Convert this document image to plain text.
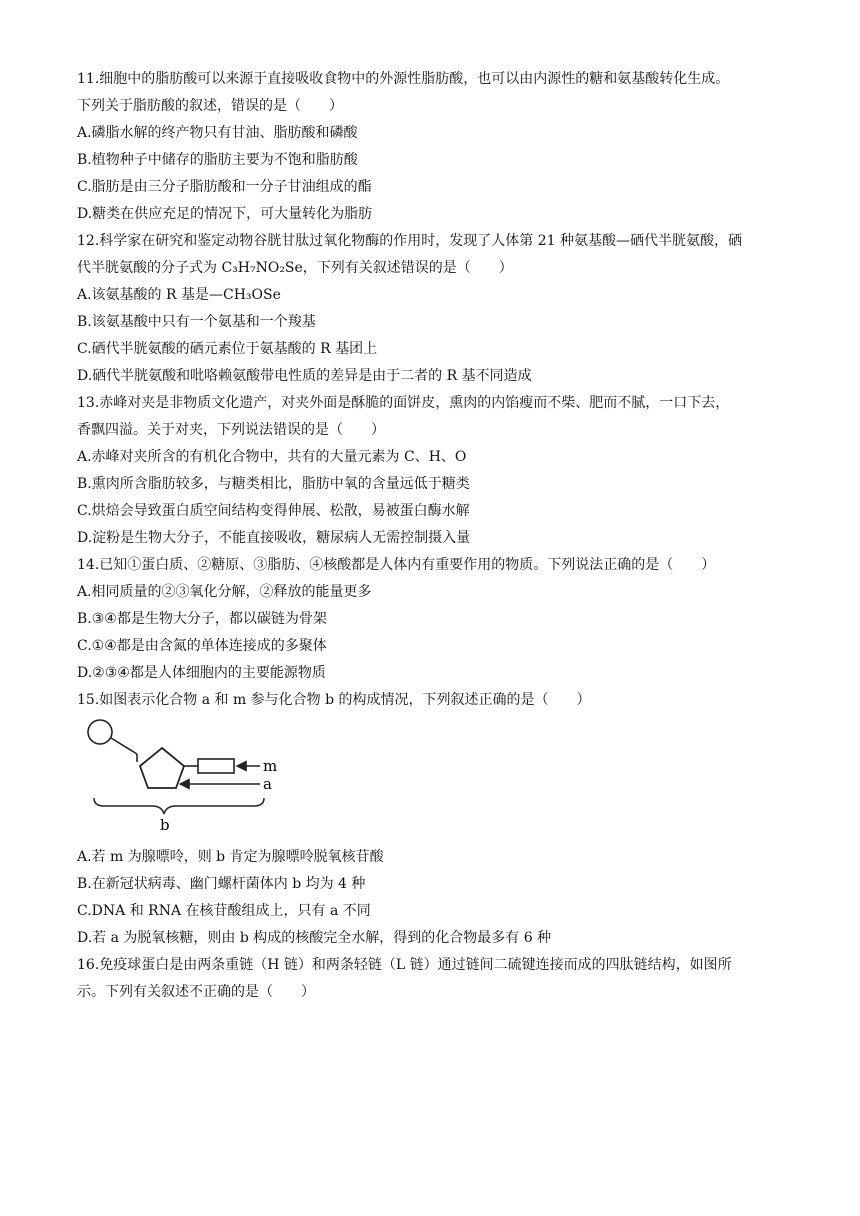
11.细胞中的脂肪酸可以来源于直接吸收食物中的外源性脂肪酸，也可以由内源性的糖和氨基酸转化生成。
下列关于脂肪酸的叙述，错误的是（　　）
A.磷脂水解的终产物只有甘油、脂肪酸和磷酸
B.植物种子中储存的脂肪主要为不饱和脂肪酸
C.脂肪是由三分子脂肪酸和一分子甘油组成的酯
D.糖类在供应充足的情况下，可大量转化为脂肪
12.科学家在研究和鉴定动物谷胱甘肽过氧化物酶的作用时，发现了人体第 21 种氨基酸—硒代半胱氨酸，硒
代半胱氨酸的分子式为 C₃H₇NO₂Se，下列有关叙述错误的是（　　）
A.该氨基酸的 R 基是—CH₃OSe
B.该氨基酸中只有一个氨基和一个羧基
C.硒代半胱氨酸的硒元素位于氨基酸的 R 基团上
D.硒代半胱氨酸和吡咯赖氨酸带电性质的差异是由于二者的 R 基不同造成
13.赤峰对夹是非物质文化遗产，对夹外面是酥脆的面饼皮，熏肉的内馅瘦而不柴、肥而不腻，一口下去，
香飘四溢。关于对夹，下列说法错误的是（　　）
A.赤峰对夹所含的有机化合物中，共有的大量元素为 C、H、O
B.熏肉所含脂肪较多，与糖类相比，脂肪中氧的含量远低于糖类
C.烘焙会导致蛋白质空间结构变得伸展、松散，易被蛋白酶水解
D.淀粉是生物大分子，不能直接吸收，糖尿病人无需控制摄入量
14.已知①蛋白质、②糖原、③脂肪、④核酸都是人体内有重要作用的物质。下列说法正确的是（　　）
A.相同质量的②③氧化分解，②释放的能量更多
B.③④都是生物大分子，都以碳链为骨架
C.①④都是由含氮的单体连接成的多聚体
D.②③④都是人体细胞内的主要能源物质
15.如图表示化合物 a 和 m 参与化合物 b 的构成情况，下列叙述正确的是（　　）
m
a
b
A.若 m 为腺嘌呤，则 b 肯定为腺嘌呤脱氧核苷酸
B.在新冠状病毒、幽门螺杆菌体内 b 均为 4 种
C.DNA 和 RNA 在核苷酸组成上，只有 a 不同
D.若 a 为脱氧核糖，则由 b 构成的核酸完全水解，得到的化合物最多有 6 种
16.免疫球蛋白是由两条重链（H 链）和两条轻链（L 链）通过链间二硫键连接而成的四肽链结构，如图所
示。下列有关叙述不正确的是（　　）
